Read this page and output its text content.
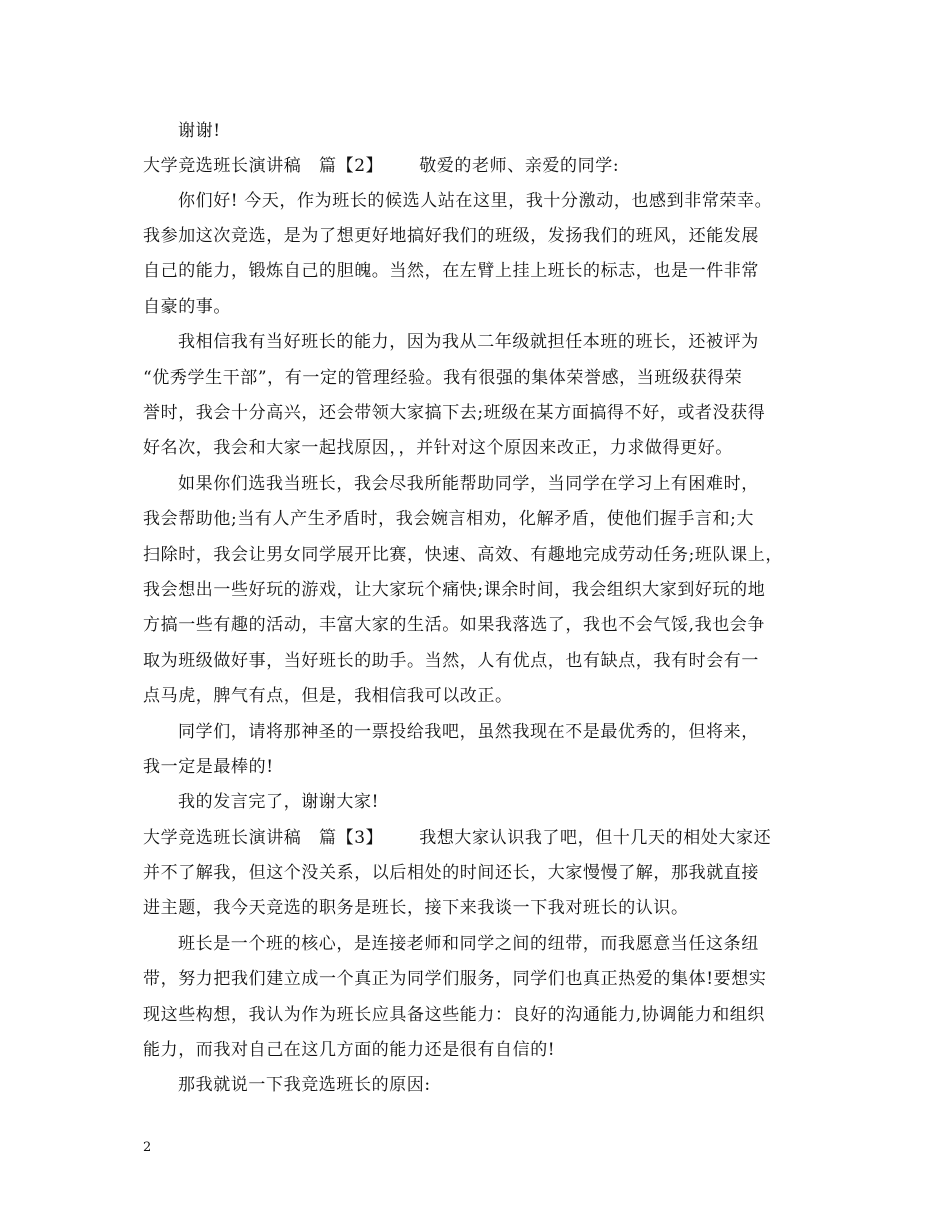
谢谢!
大学竞选班长演讲稿　篇【2】 敬爱的老师、亲爱的同学:
你们好! 今天，作为班长的候选人站在这里，我十分激动，也感到非常荣幸。
我参加这次竞选，是为了想更好地搞好我们的班级，发扬我们的班风，还能发展
自己的能力，锻炼自己的胆魄。当然，在左臂上挂上班长的标志，也是一件非常
自豪的事。
我相信我有当好班长的能力，因为我从二年级就担任本班的班长，还被评为
“优秀学生干部”，有一定的管理经验。我有很强的集体荣誉感，当班级获得荣
誉时，我会十分高兴，还会带领大家搞下去;班级在某方面搞得不好，或者没获得
好名次，我会和大家一起找原因，，并针对这个原因来改正，力求做得更好。
如果你们选我当班长，我会尽我所能帮助同学，当同学在学习上有困难时，
我会帮助他;当有人产生矛盾时，我会婉言相劝，化解矛盾，使他们握手言和;大
扫除时，我会让男女同学展开比赛，快速、高效、有趣地完成劳动任务;班队课上，
我会想出一些好玩的游戏，让大家玩个痛快;课余时间，我会组织大家到好玩的地
方搞一些有趣的活动，丰富大家的生活。如果我落选了，我也不会气馁,我也会争
取为班级做好事，当好班长的助手。当然，人有优点，也有缺点，我有时会有一
点马虎，脾气有点，但是，我相信我可以改正。
同学们，请将那神圣的一票投给我吧，虽然我现在不是最优秀的，但将来，
我一定是最棒的!
我的发言完了，谢谢大家!
大学竞选班长演讲稿　篇【3】 我想大家认识我了吧，但十几天的相处大家还
并不了解我，但这个没关系，以后相处的时间还长，大家慢慢了解，那我就直接
进主题，我今天竞选的职务是班长，接下来我谈一下我对班长的认识。
班长是一个班的核心，是连接老师和同学之间的纽带，而我愿意当任这条纽
带，努力把我们建立成一个真正为同学们服务，同学们也真正热爱的集体!要想实
现这些构想，我认为作为班长应具备这些能力：良好的沟通能力,协调能力和组织
能力，而我对自己在这几方面的能力还是很有自信的!
那我就说一下我竞选班长的原因:
2
